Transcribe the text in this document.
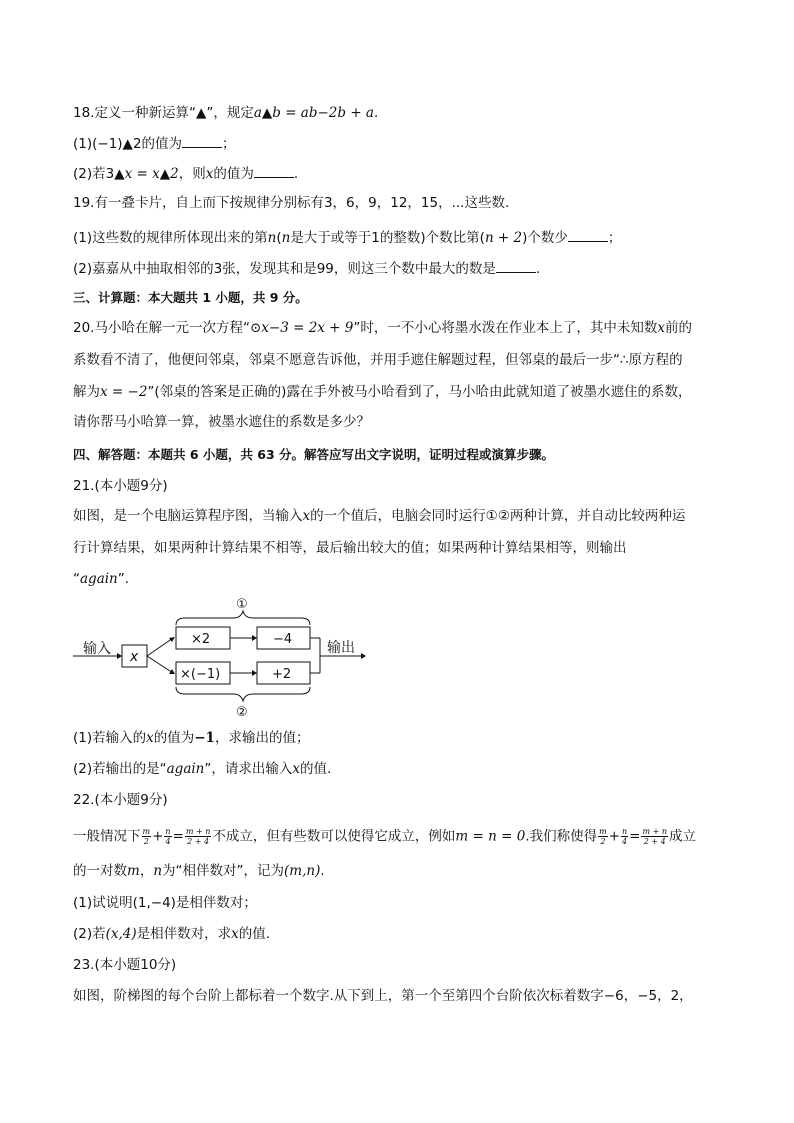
18.定义一种新运算“▲”，规定a▲b = ab−2b + a.
(1)(−1)▲2的值为	；
(2)若3▲x = x▲2，则x的值为	.
19.有一叠卡片，自上而下按规律分别标有3，6，9，12，15，...这些数.
(1)这些数的规律所体现出来的第n(n是大于或等于1的整数)个数比第(n + 2)个数少	；
(2)嘉嘉从中抽取相邻的3张，发现其和是99，则这三个数中最大的数是	.
三、计算题：本大题共 1 小题，共 9 分。
20.马小哈在解一元一次方程“⊙x−3 = 2x + 9”时，一不小心将墨水泼在作业本上了，其中未知数x前的
系数看不清了，他便问邻桌，邻桌不愿意告诉他，并用手遮住解题过程，但邻桌的最后一步“∴原方程的
解为x = −2”(邻桌的答案是正确的)露在手外被马小哈看到了，马小哈由此就知道了被墨水遮住的系数，
请你帮马小哈算一算，被墨水遮住的系数是多少？
四、解答题：本题共 6 小题，共 63 分。解答应写出文字说明，证明过程或演算步骤。
21.(本小题9分)
如图，是一个电脑运算程序图，当输入x的一个值后，电脑会同时运行①②两种计算，并自动比较两种运
行计算结果，如果两种计算结果不相等，最后输出较大的值；如果两种计算结果相等，则输出
“again”.
输入 x
①
×2	−4
×(−1)	+2
输出
②
(1)若输入的x的值为−1，求输出的值；
(2)若输出的是“again”，请求出输入x的值.
22.(本小题9分)
一般情况下 $\frac{m}{2} + \frac{n}{4} = \frac{m + n}{2 + 4}$ 不成立，但有些数可以使得它成立，例如m = n = 0.我们称使得 $\frac{m}{2} + \frac{n}{4} = \frac{m + n}{2 + 4}$ 成立
的一对数m，n为“相伴数对”，记为(m,n).
(1)试说明(1,−4)是相伴数对；
(2)若(x,4)是相伴数对，求x的值.
23.(本小题10分)
如图，阶梯图的每个台阶上都标着一个数字.从下到上，第一个至第四个台阶依次标着数字−6，−5，2，
